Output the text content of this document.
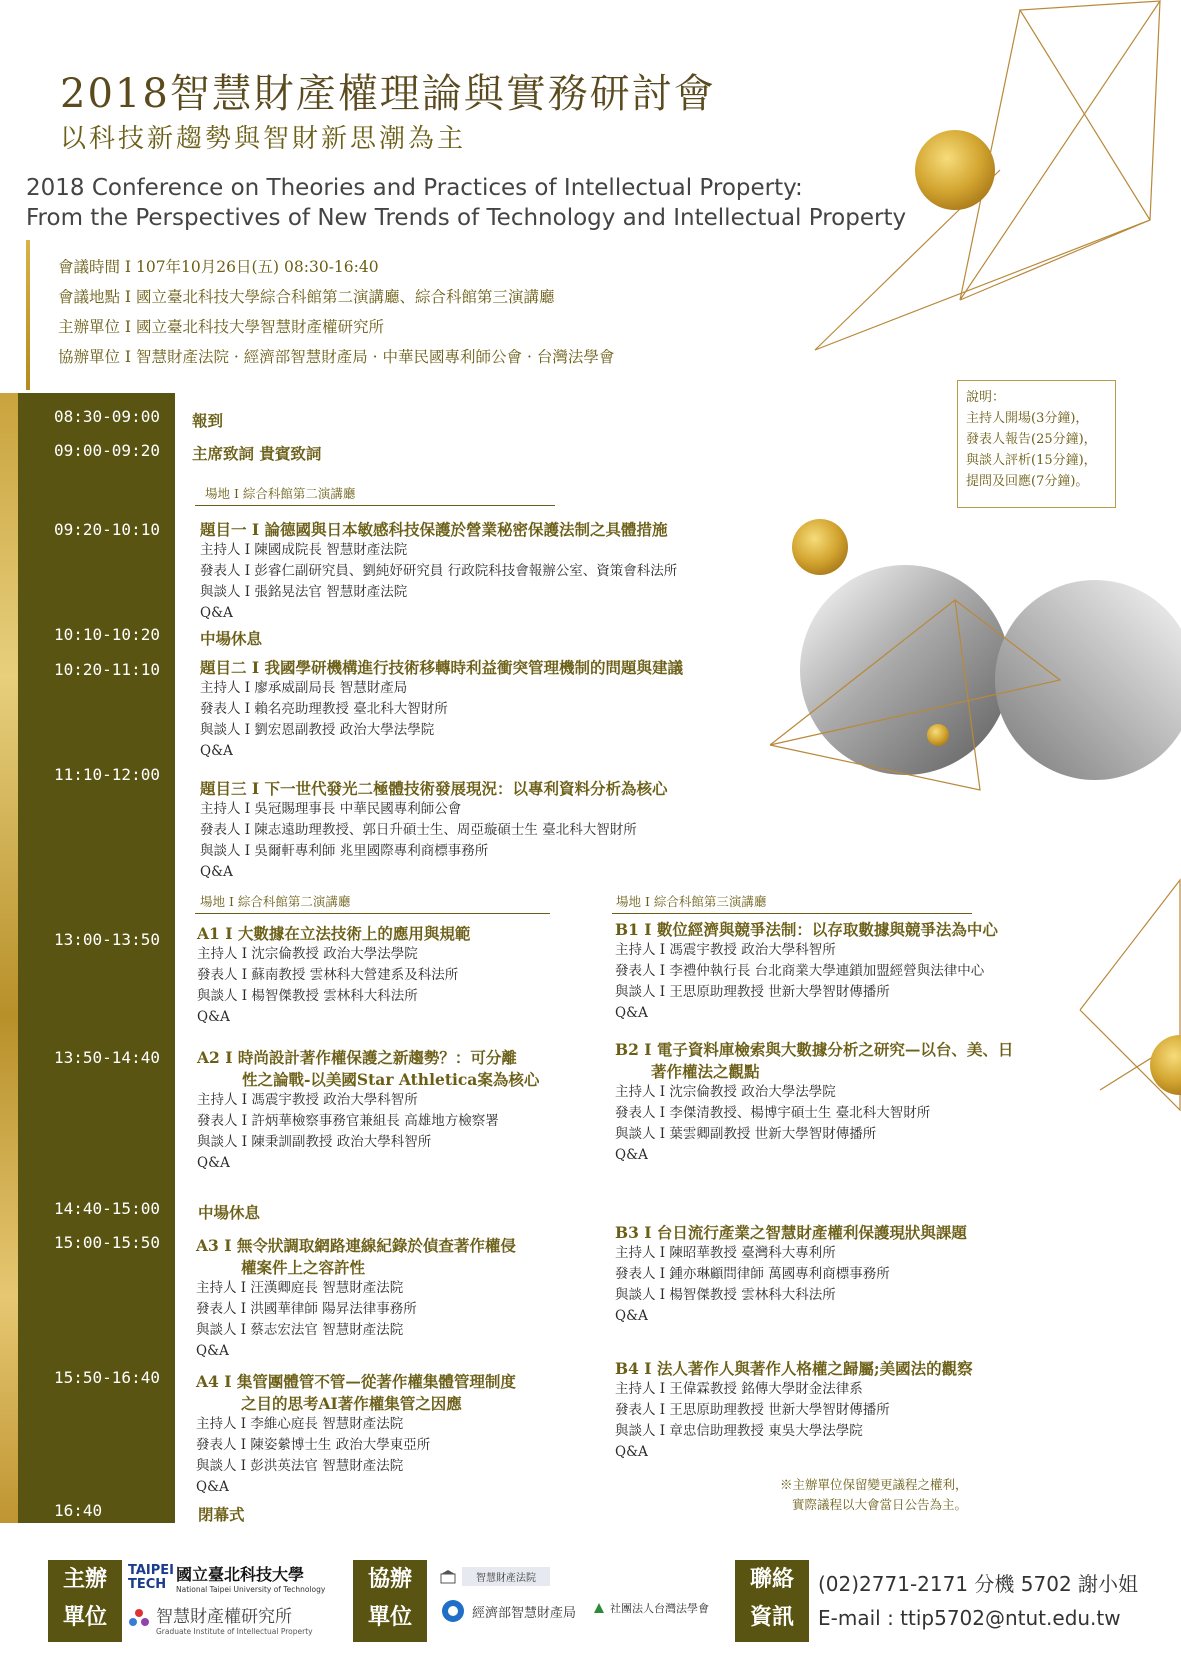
2018智慧財產權理論與實務研討會
以科技新趨勢與智財新思潮為主
2018 Conference on Theories and Practices of Intellectual Property:
From the Perspectives of New Trends of Technology and Intellectual Property
會議時間 I 107年10月26日(五) 08:30-16:40
會議地點 I 國立臺北科技大學綜合科館第二演講廳、綜合科館第三演講廳
主辦單位 I 國立臺北科技大學智慧財產權研究所
協辦單位 I 智慧財產法院 · 經濟部智慧財產局 · 中華民國專利師公會 · 台灣法學會
說明：
主持人開場(3分鐘)，
發表人報告(25分鐘)，
與談人評析(15分鐘)，
提問及回應(7分鐘)。
08:30-09:00
09:00-09:20
09:20-10:10
10:10-10:20
10:20-11:10
11:10-12:00
13:00-13:50
13:50-14:40
14:40-15:00
15:00-15:50
15:50-16:40
16:40
報到
主席致詞 貴賓致詞
場地 I 綜合科館第二演講廳
題目一 I 論德國與日本敏感科技保護於營業秘密保護法制之具體措施
主持人 I 陳國成院長 智慧財產法院
發表人 I 彭睿仁副研究員、劉純妤研究員 行政院科技會報辦公室、資策會科法所
與談人 I 張銘晃法官 智慧財產法院
Q&A
中場休息
題目二 I 我國學研機構進行技術移轉時利益衝突管理機制的問題與建議
主持人 I 廖承威副局長 智慧財產局
發表人 I 賴名亮助理教授 臺北科大智財所
與談人 I 劉宏恩副教授 政治大學法學院
Q&A
題目三 I 下一世代發光二極體技術發展現況：以專利資料分析為核心
主持人 I 吳冠賜理事長 中華民國專利師公會
發表人 I 陳志遠助理教授、郭日升碩士生、周亞璇碩士生 臺北科大智財所
與談人 I 吳爾軒專利師 兆里國際專利商標事務所
Q&A
場地 I 綜合科館第二演講廳	場地 I 綜合科館第三演講廳
A1 I 大數據在立法技術上的應用與規範
主持人 I 沈宗倫教授 政治大學法學院
發表人 I 蘇南教授 雲林科大營建系及科法所
與談人 I 楊智傑教授 雲林科大科法所
Q&A
A2 I 時尚設計著作權保護之新趨勢？：可分離
性之論戰-以美國Star Athletica案為核心
主持人 I 馮震宇教授 政治大學科智所
發表人 I 許炳華檢察事務官兼組長 高雄地方檢察署
與談人 I 陳秉訓副教授 政治大學科智所
Q&A
中場休息
A3 I 無令狀調取網路連線紀錄於偵查著作權侵
權案件上之容許性
主持人 I 汪漢卿庭長 智慧財產法院
發表人 I 洪國華律師 陽昇法律事務所
與談人 I 蔡志宏法官 智慧財產法院
Q&A
A4 I 集管團體管不管—從著作權集體管理制度
之目的思考AI著作權集管之因應
主持人 I 李維心庭長 智慧財產法院
發表人 I 陳姿縈博士生 政治大學東亞所
與談人 I 彭洪英法官 智慧財產法院
Q&A
閉幕式
B1 I 數位經濟與競爭法制：以存取數據與競爭法為中心
主持人 I 馮震宇教授 政治大學科智所
發表人 I 李禮仲執行長 台北商業大學連鎖加盟經營與法律中心
與談人 I 王思原助理教授 世新大學智財傳播所
Q&A
B2 I 電子資料庫檢索與大數據分析之研究—以台、美、日
著作權法之觀點
主持人 I 沈宗倫教授 政治大學法學院
發表人 I 李傑清教授、楊博宇碩士生 臺北科大智財所
與談人 I 葉雲卿副教授 世新大學智財傳播所
Q&A
B3 I 台日流行產業之智慧財產權利保護現狀與課題
主持人 I 陳昭華教授 臺灣科大專利所
發表人 I 鍾亦琳顧問律師 萬國專利商標事務所
與談人 I 楊智傑教授 雲林科大科法所
Q&A
B4 I 法人著作人與著作人格權之歸屬;美國法的觀察
主持人 I 王偉霖教授 銘傳大學財金法律系
發表人 I 王思原助理教授 世新大學智財傳播所
與談人 I 章忠信助理教授 東吳大學法學院
Q&A
※主辦單位保留變更議程之權利，
實際議程以大會當日公告為主。
主辦
單位
TAIPEI TECH
國立臺北科技大學
National Taipei University of Technology
智慧財產權研究所
Graduate Institute of Intellectual Property
協辦
單位
智慧財產法院
經濟部智慧財產局	社團法人台灣法學會
聯絡
資訊
(02)2771-2171 分機 5702 謝小姐
E-mail : ttip5702@ntut.edu.tw
